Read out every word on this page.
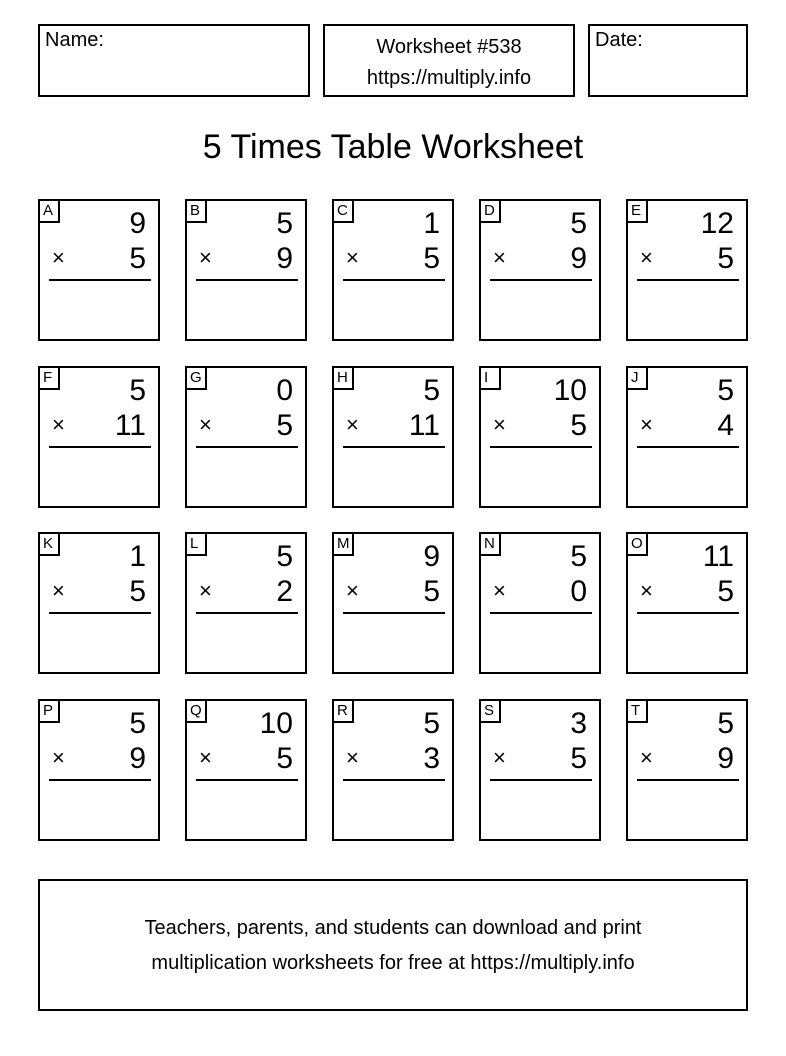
Name:	Worksheet #538
https://multiply.info
Date:
5 Times Table Worksheet
A	9
× 5
B	5
× 9
C	1
× 5
D	5
× 9
E 12
× 5
F	5
× 11
G 0
× 5
H	5
× 11
I	10
× 5
J	5
× 4
K	1
× 5
L	5
× 2
M 9
× 5
N	5
× 0
O 11
× 5
P	5
× 9
Q 10
× 5
R	5
× 3
S	3
× 5
T	5
× 9
Teachers, parents, and students can download and print
multiplication worksheets for free at https://multiply.info
